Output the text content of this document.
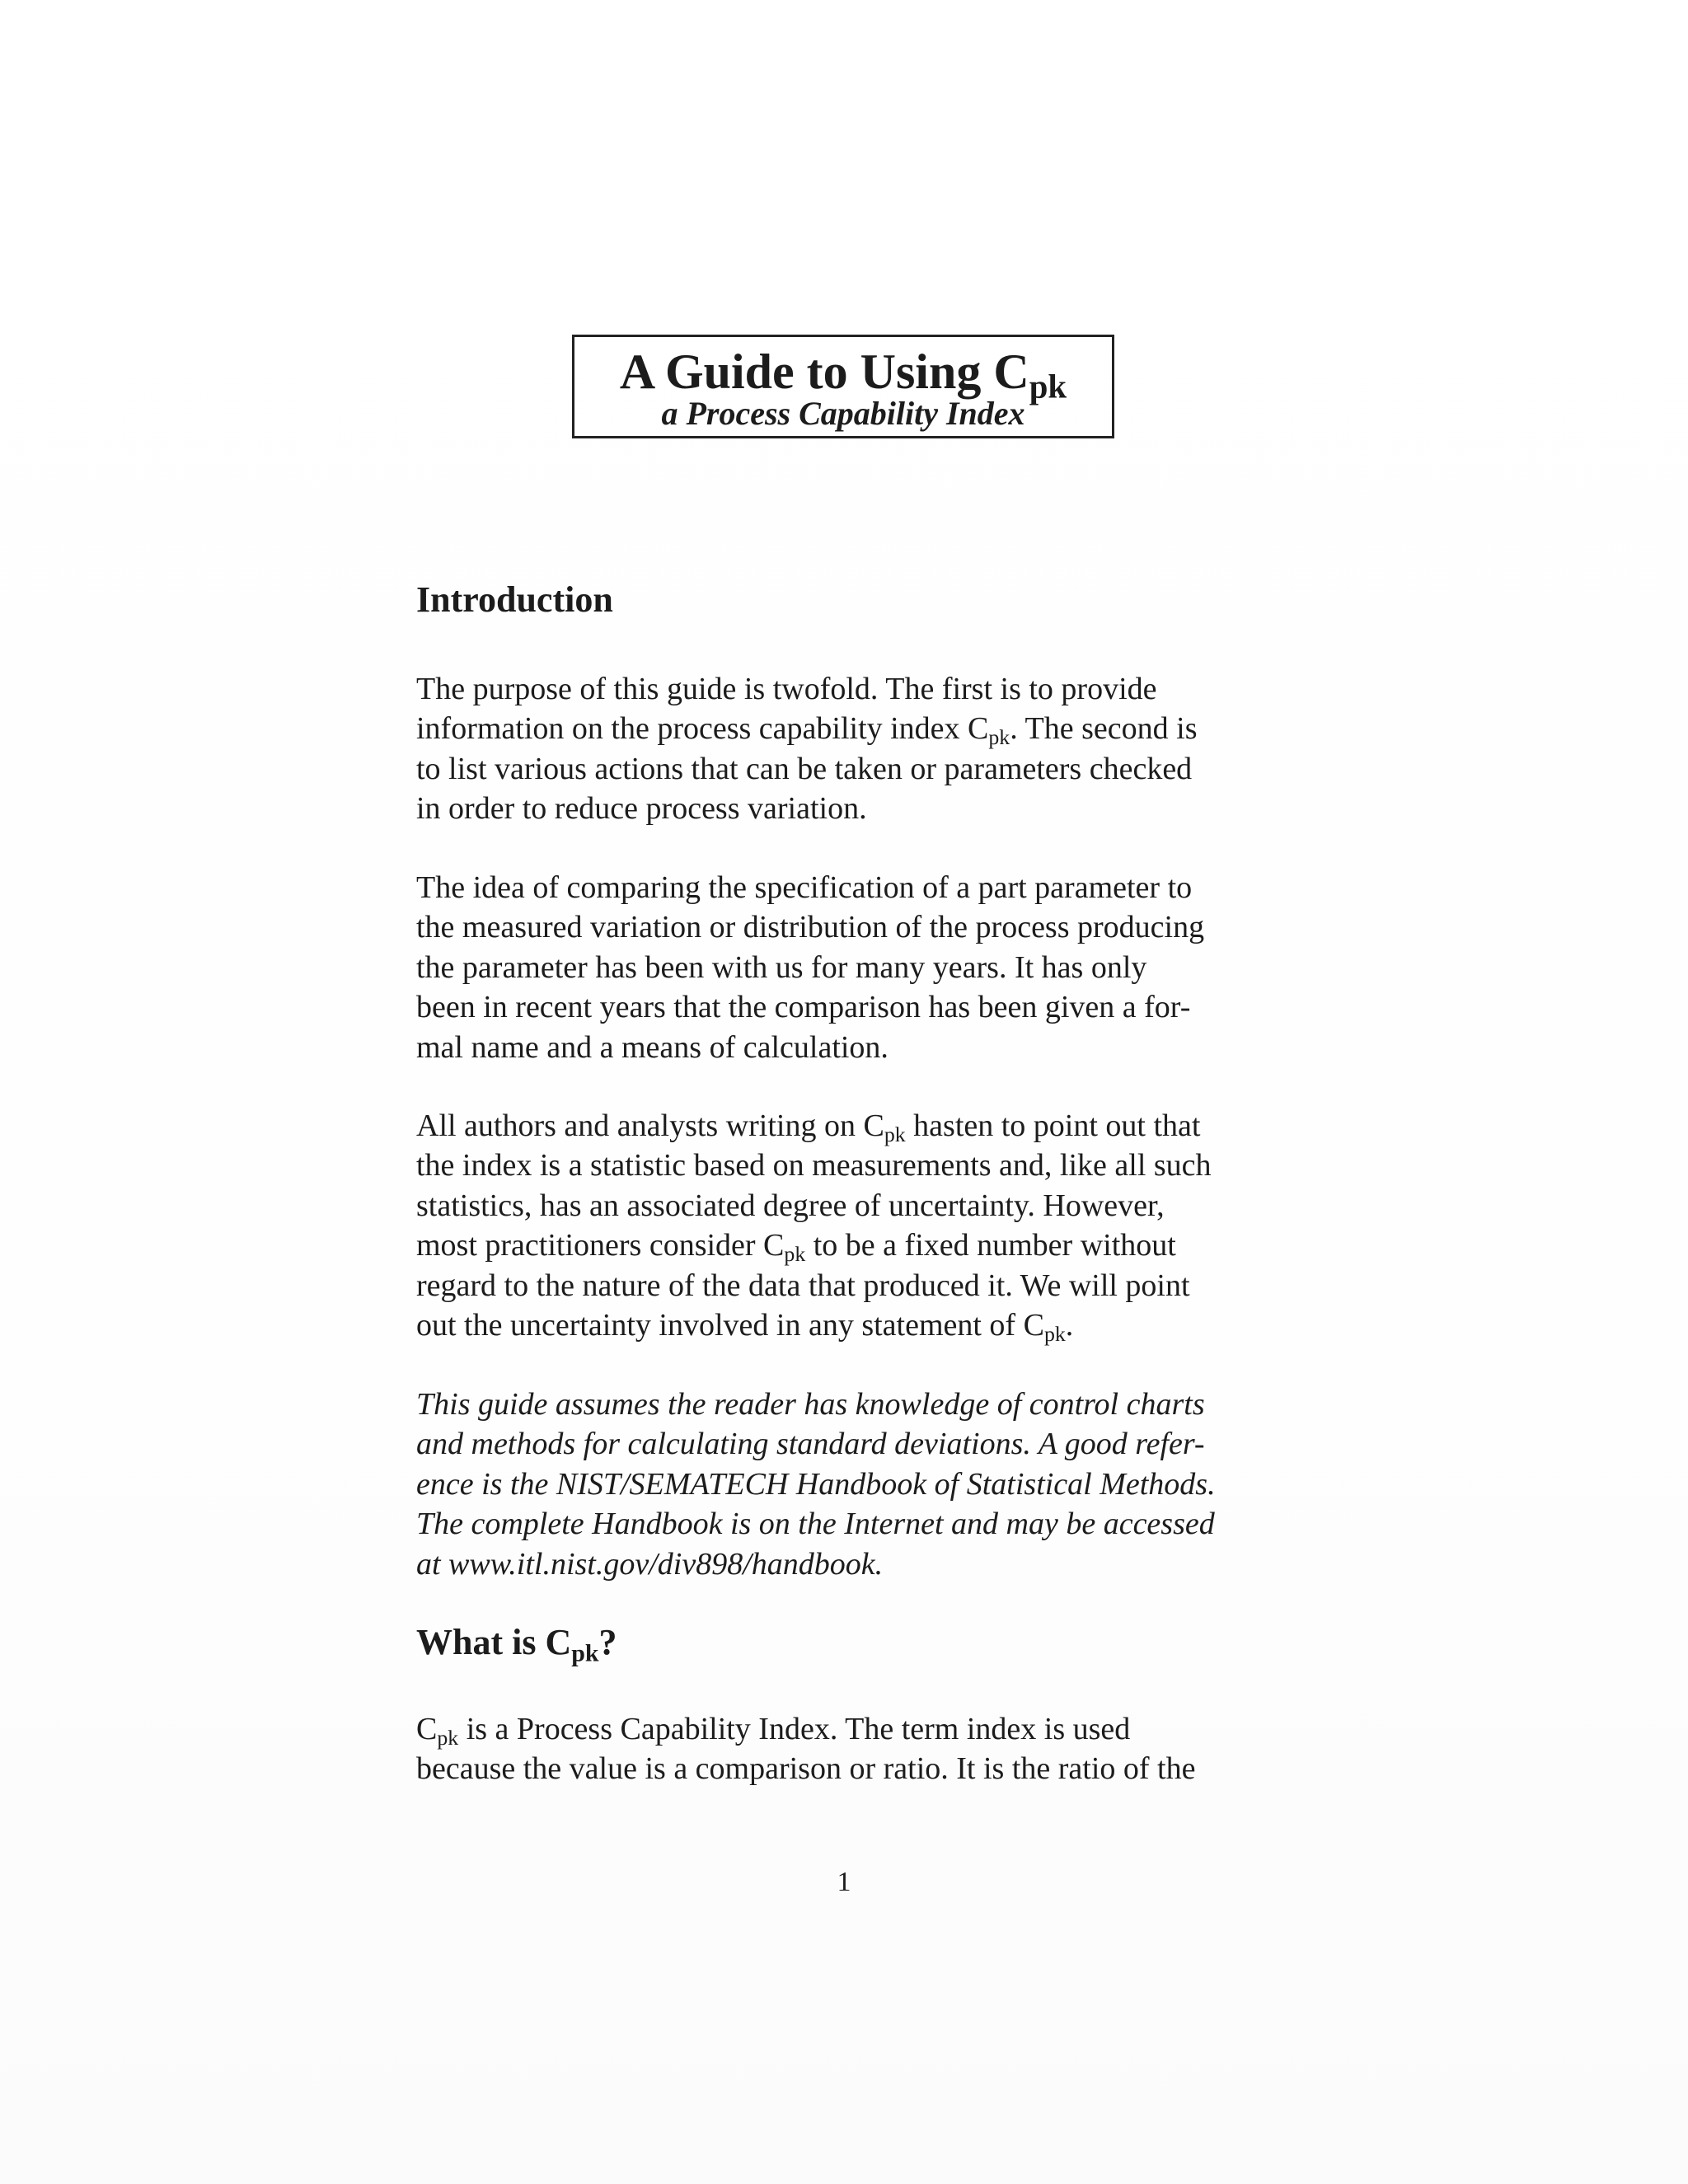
A Guide to Using $C_{pk}$
a Process Capability Index
Introduction

The purpose of this guide is twofold. The first is to provide
information on the process capability index $C_{pk}$. The second is
to list various actions that can be taken or parameters checked
in order to reduce process variation.

The idea of comparing the specification of a part parameter to
the measured variation or distribution of the process producing
the parameter has been with us for many years. It has only
been in recent years that the comparison has been given a for-
mal name and a means of calculation.

All authors and analysts writing on $C_{pk}$ hasten to point out that
the index is a statistic based on measurements and, like all such
statistics, has an associated degree of uncertainty. However,
most practitioners consider $C_{pk}$ to be a fixed number without
regard to the nature of the data that produced it. We will point
out the uncertainty involved in any statement of $C_{pk}$.

This guide assumes the reader has knowledge of control charts
and methods for calculating standard deviations. A good refer-
ence is the NIST/SEMATECH Handbook of Statistical Methods.
The complete Handbook is on the Internet and may be accessed
at www.itl.nist.gov/div898/handbook.

What is $C_{pk}$?

$C_{pk}$ is a Process Capability Index. The term index is used
because the value is a comparison or ratio. It is the ratio of the

1
